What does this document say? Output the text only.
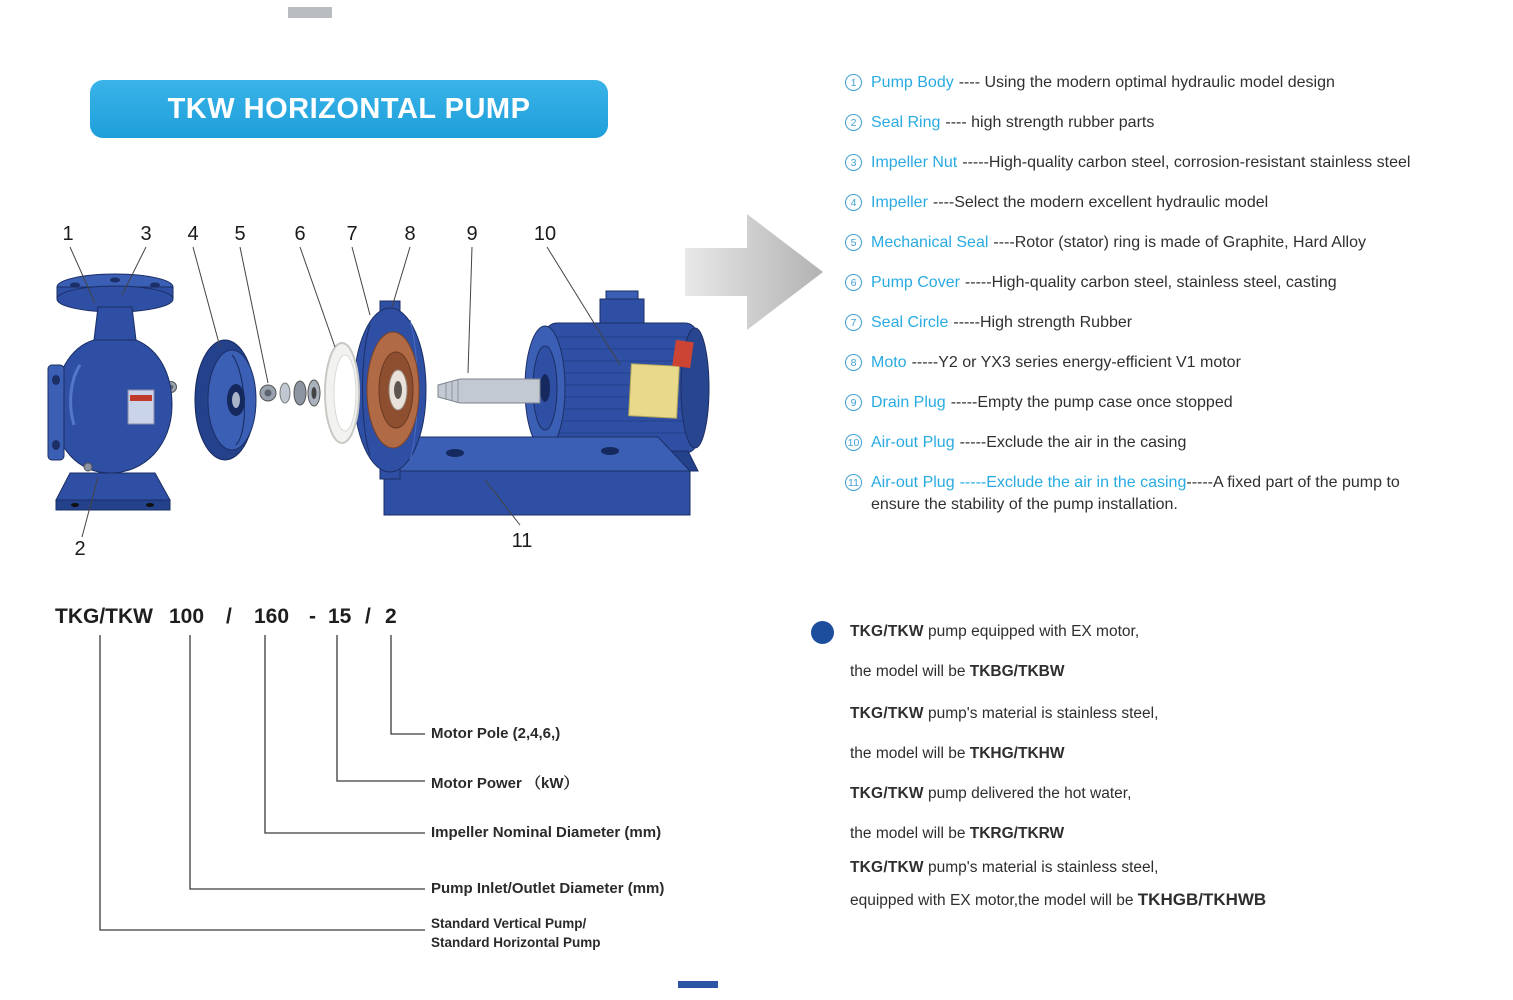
TKW HORIZONTAL PUMP
1	3 4 5 6 7 8	9	10
2	11
1 Pump Body ---- Using the modern optimal hydraulic model design

2 Seal Ring ---- high strength rubber parts

3 Impeller Nut -----High-quality carbon steel, corrosion-resistant stainless steel

4 Impeller ----Select the modern excellent hydraulic model

5 Mechanical Seal ----Rotor (stator) ring is made of Graphite, Hard Alloy

6 Pump Cover -----High-quality carbon steel, stainless steel, casting

7 Seal Circle -----High strength Rubber

8 Moto -----Y2 or YX3 series energy-efficient V1 motor

9 Drain Plug -----Empty the pump case once stopped

10 Air-out Plug -----Exclude the air in the casing

11 Air-out Plug -----Exclude the air in the casing-----A fixed part of the pump to
ensure the stability of the pump installation.

TKG/TKW 100 / 160 - 15 / 2
Motor Pole (2,4,6,)
Motor Power （kW）
Impeller Nominal Diameter (mm)
Pump Inlet/Outlet Diameter (mm)
Standard Vertical Pump/
Standard Horizontal Pump

TKG/TKW pump equipped with EX motor,

the model will be TKBG/TKBW

TKG/TKW pump's material is stainless steel,

the model will be TKHG/TKHW

TKG/TKW pump delivered the hot water,

the model will be TKRG/TKRW

TKG/TKW pump's material is stainless steel,

equipped with EX motor,the model will be TKHGB/TKHWB
